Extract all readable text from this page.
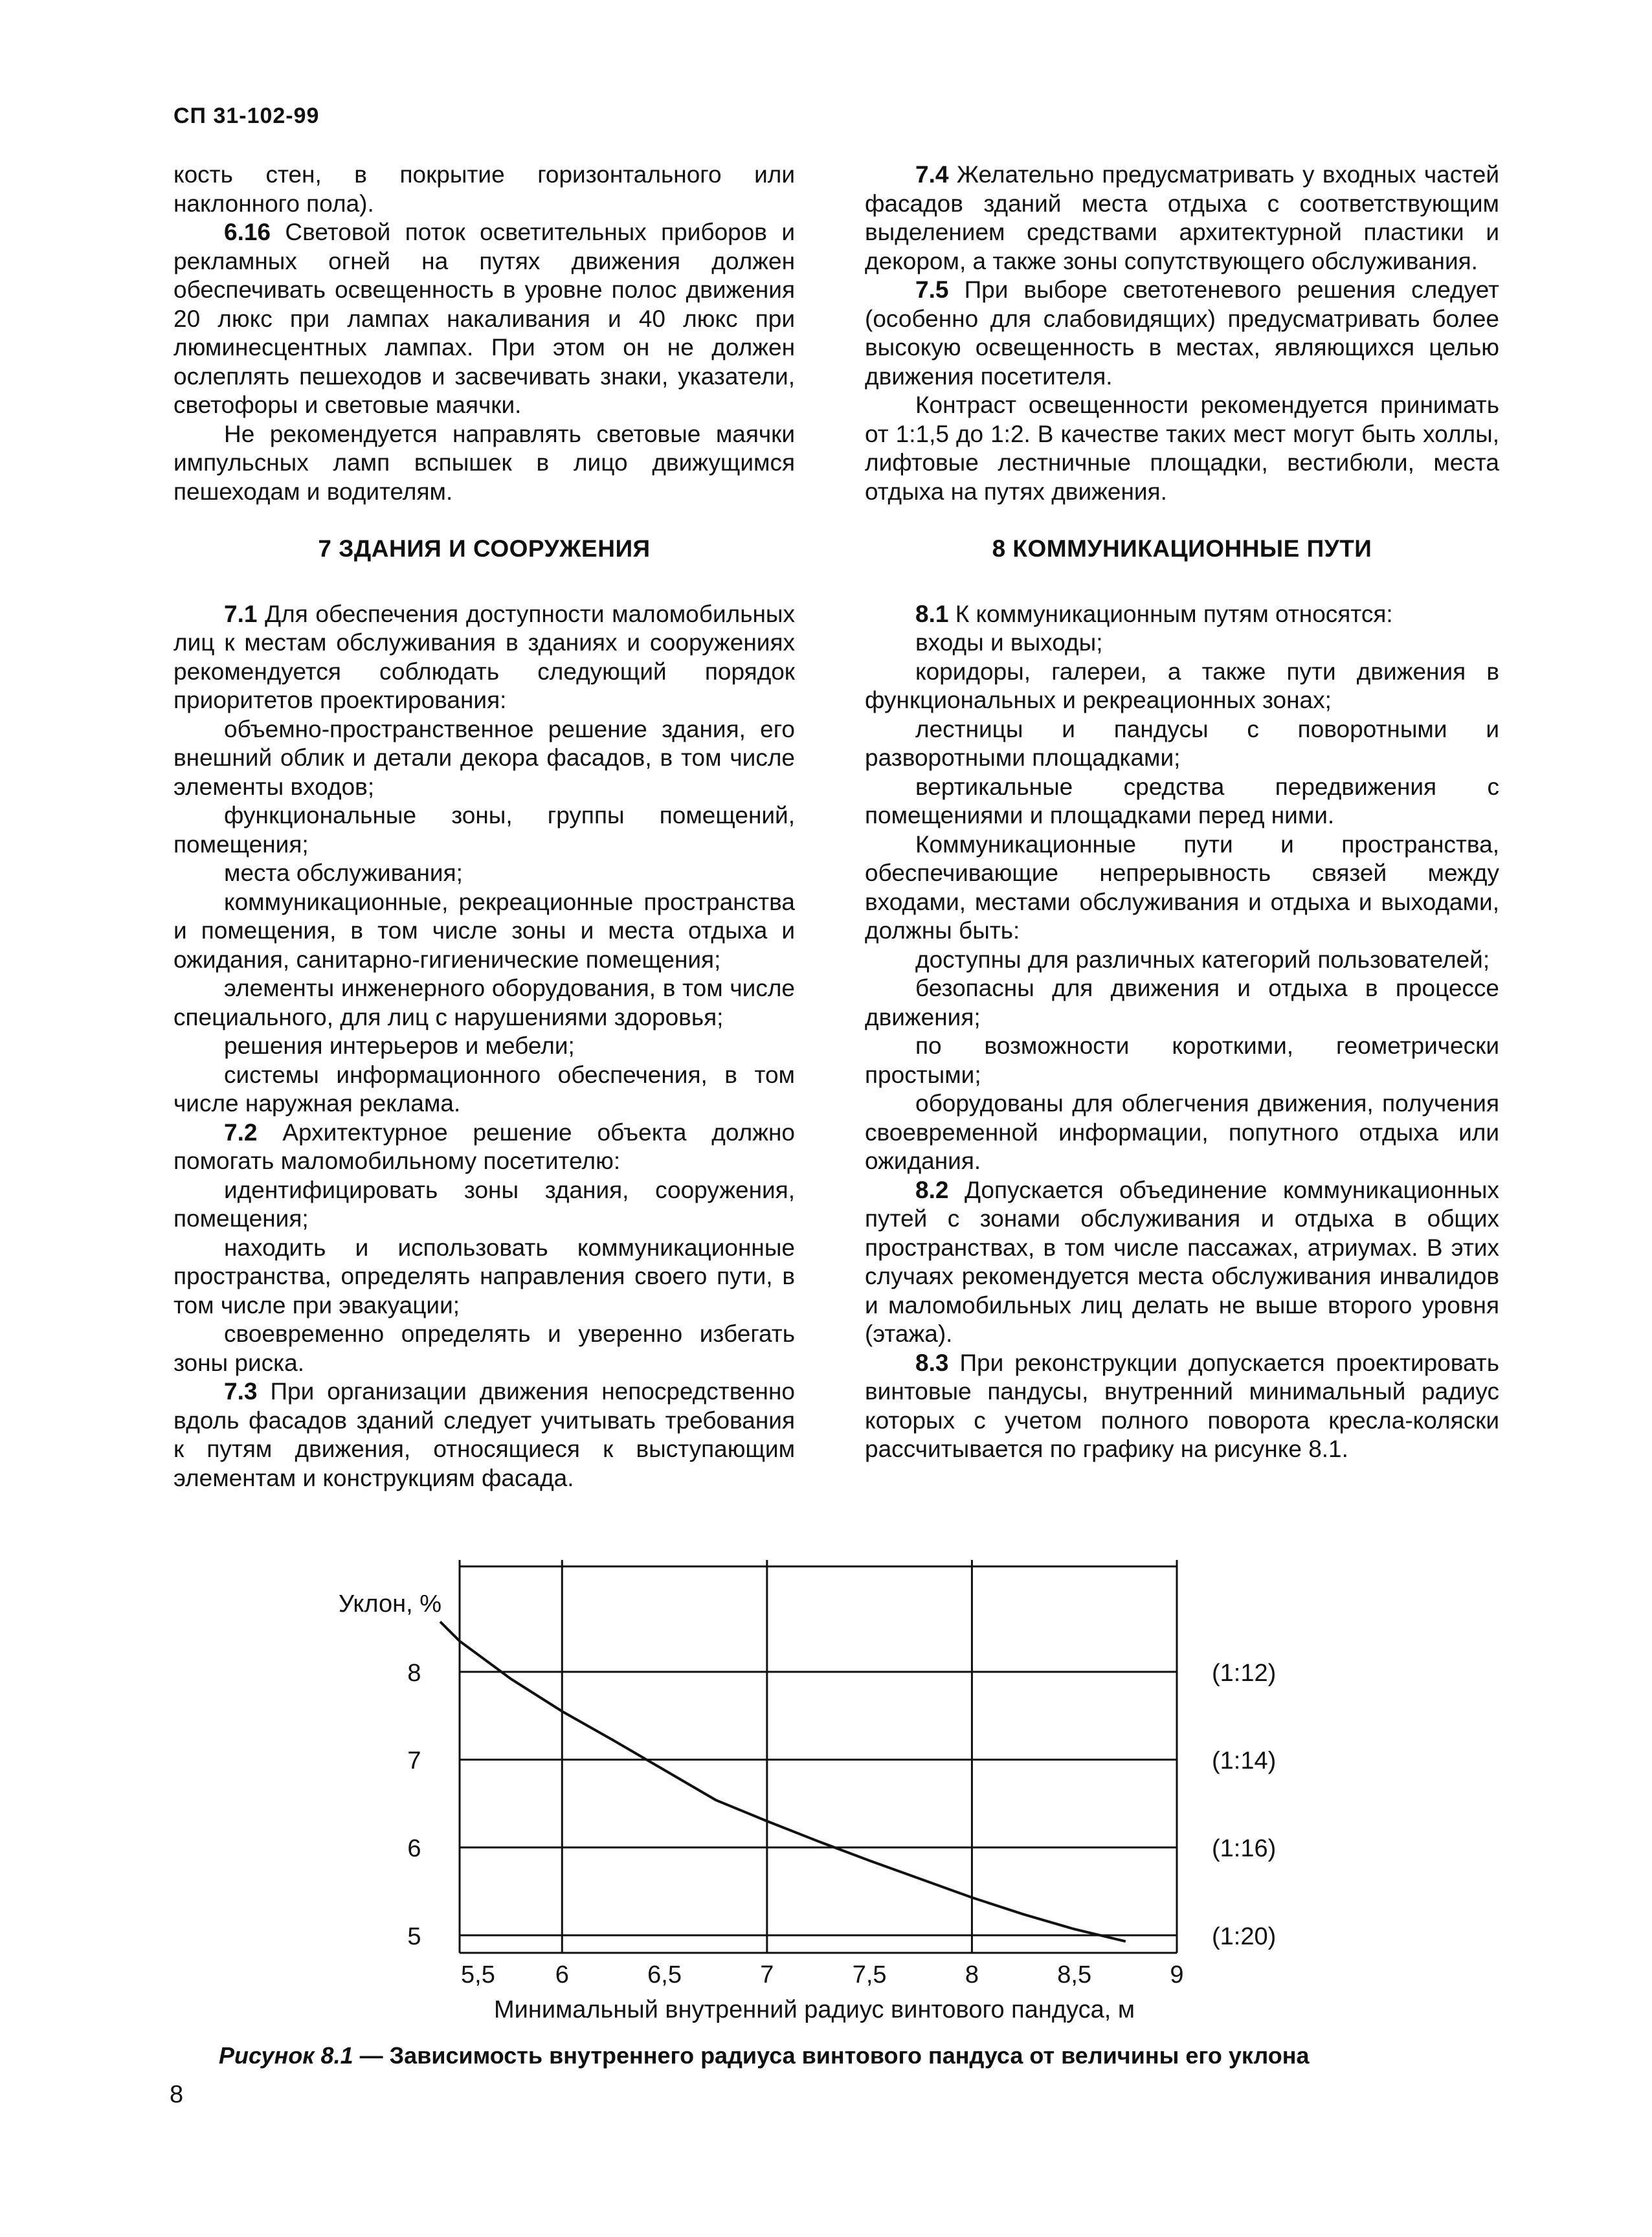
СП 31-102-99

кость стен, в покрытие горизонтального или наклонного пола).

6.16 Световой поток осветительных приборов и рекламных огней на путях движения должен обеспечивать освещенность в уровне полос движения 20 люкс при лампах накаливания и 40 люкс при люминесцентных лампах. При этом он не должен ослеплять пешеходов и засвечивать знаки, указатели, светофоры и световые маячки.

Не рекомендуется направлять световые маячки импульсных ламп вспышек в лицо движущимся пешеходам и водителям.

7 ЗДАНИЯ И СООРУЖЕНИЯ

7.1 Для обеспечения доступности маломобильных лиц к местам обслуживания в зданиях и сооружениях рекомендуется соблюдать следующий порядок приоритетов проектирования:

объемно-пространственное решение здания, его внешний облик и детали декора фасадов, в том числе элементы входов;

функциональные зоны, группы помещений, помещения;

места обслуживания;

коммуникационные, рекреационные пространства и помещения, в том числе зоны и места отдыха и ожидания, санитарно-гигиенические помещения;

элементы инженерного оборудования, в том числе специального, для лиц с нарушениями здоровья;

решения интерьеров и мебели;

системы информационного обеспечения, в том числе наружная реклама.

7.2 Архитектурное решение объекта должно помогать маломобильному посетителю:

идентифицировать зоны здания, сооружения, помещения;

находить и использовать коммуникационные пространства, определять направления своего пути, в том числе при эвакуации;

своевременно определять и уверенно избегать зоны риска.

7.3 При организации движения непосредственно вдоль фасадов зданий следует учитывать требования к путям движения, относящиеся к выступающим элементам и конструкциям фасада.

7.4 Желательно предусматривать у входных частей фасадов зданий места отдыха с соответствующим выделением средствами архитектурной пластики и декором, а также зоны сопутствующего обслуживания.

7.5 При выборе светотеневого решения следует (особенно для слабовидящих) предусматривать более высокую освещенность в местах, являющихся целью движения посетителя.

Контраст освещенности рекомендуется принимать от 1:1,5 до 1:2. В качестве таких мест могут быть холлы, лифтовые лестничные площадки, вестибюли, места отдыха на путях движения.

8 КОММУНИКАЦИОННЫЕ ПУТИ

8.1 К коммуникационным путям относятся:

входы и выходы;

коридоры, галереи, а также пути движения в функциональных и рекреационных зонах;

лестницы и пандусы с поворотными и разворотными площадками;

вертикальные средства передвижения с помещениями и площадками перед ними.

Коммуникационные пути и пространства, обеспечивающие непрерывность связей между входами, местами обслуживания и отдыха и выходами, должны быть:

доступны для различных категорий пользователей;

безопасны для движения и отдыха в процессе движения;

по возможности короткими, геометрически простыми;

оборудованы для облегчения движения, получения своевременной информации, попутного отдыха или ожидания.

8.2 Допускается объединение коммуникационных путей с зонами обслуживания и отдыха в общих пространствах, в том числе пассажах, атриумах. В этих случаях рекомендуется места обслуживания инвалидов и маломобильных лиц делать не выше второго уровня (этажа).

8.3 При реконструкции допускается проектировать винтовые пандусы, внутренний минимальный радиус которых с учетом полного поворота кресла-коляски рассчитывается по графику на рисунке 8.1.

Уклон, %
Минимальный внутренний радиус винтового пандуса, м
5,5 6	6,5	7	7,5	8	8,5	9
5	(1:20)
6	(1:16)
7	(1:14)
8	(1:12)
Рисунок 8.1 — Зависимость внутреннего радиуса винтового пандуса от величины его уклона
8
